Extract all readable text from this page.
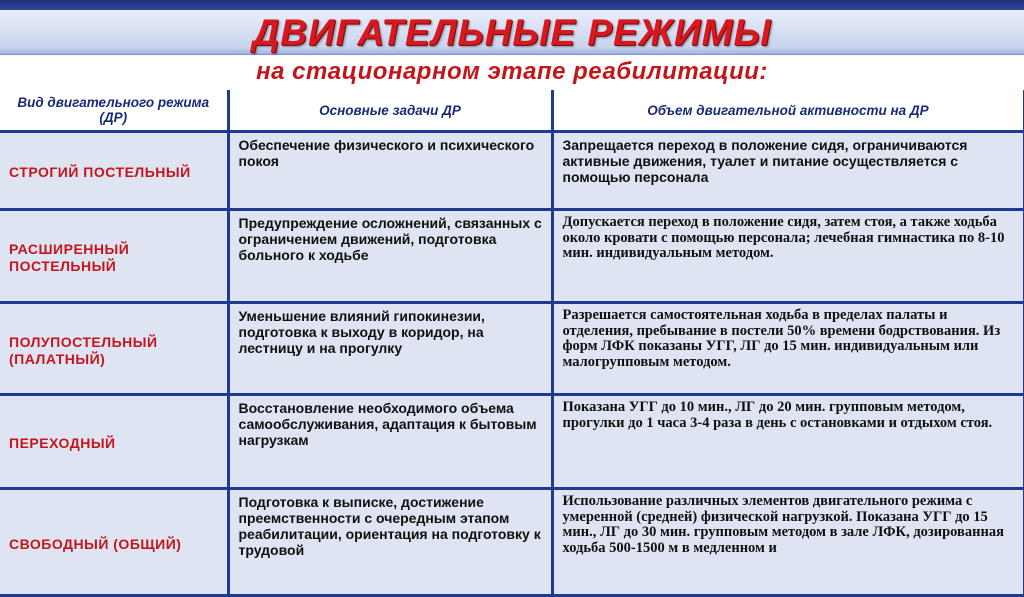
ДВИГАТЕЛЬНЫЕ РЕЖИМЫ
на стационарном этапе реабилитации:
Вид двигательного режима (ДР)	Основные задачи ДР	Объем двигательной активности на ДР
СТРОГИЙ ПОСТЕЛЬНЫЙ	Обеспечение физического и психического покоя	Запрещается переход в положение сидя, ограничиваются активные движения, туалет и питание осуществляется с помощью персонала
РАСШИРЕННЫЙ ПОСТЕЛЬНЫЙ	Предупреждение осложнений, связанных с ограничением движений, подготовка больного к ходьбе	Допускается переход в положение сидя, затем стоя, а также ходьба около кровати с помощью персонала; лечебная гимнастика по 8-10 мин. индивидуальным методом.
ПОЛУПОСТЕЛЬНЫЙ (ПАЛАТНЫЙ)	Уменьшение влияний гипокинезии, подготовка к выходу в коридор, на лестницу и на прогулку	Разрешается самостоятельная ходьба в пределах палаты и отделения, пребывание в постели 50% времени бодрствования. Из форм ЛФК показаны УГГ, ЛГ до 15 мин. индивидуальным или малогрупповым методом.
ПЕРЕХОДНЫЙ	Восстановление необходимого объема самообслуживания, адаптация к бытовым нагрузкам	Показана УГГ до 10 мин., ЛГ до 20 мин. групповым методом, прогулки до 1 часа 3-4 раза в день с остановками и отдыхом стоя.
СВОБОДНЫЙ (ОБЩИЙ)	Подготовка к выписке, достижение преемственности с очередным этапом реабилитации, ориентация на подготовку к трудовой	Использование различных элементов двигательного режима с умеренной (средней) физической нагрузкой. Показана УГГ до 15 мин., ЛГ до 30 мин. групповым методом в зале ЛФК, дозированная ходьба 500-1500 м в медленном и
